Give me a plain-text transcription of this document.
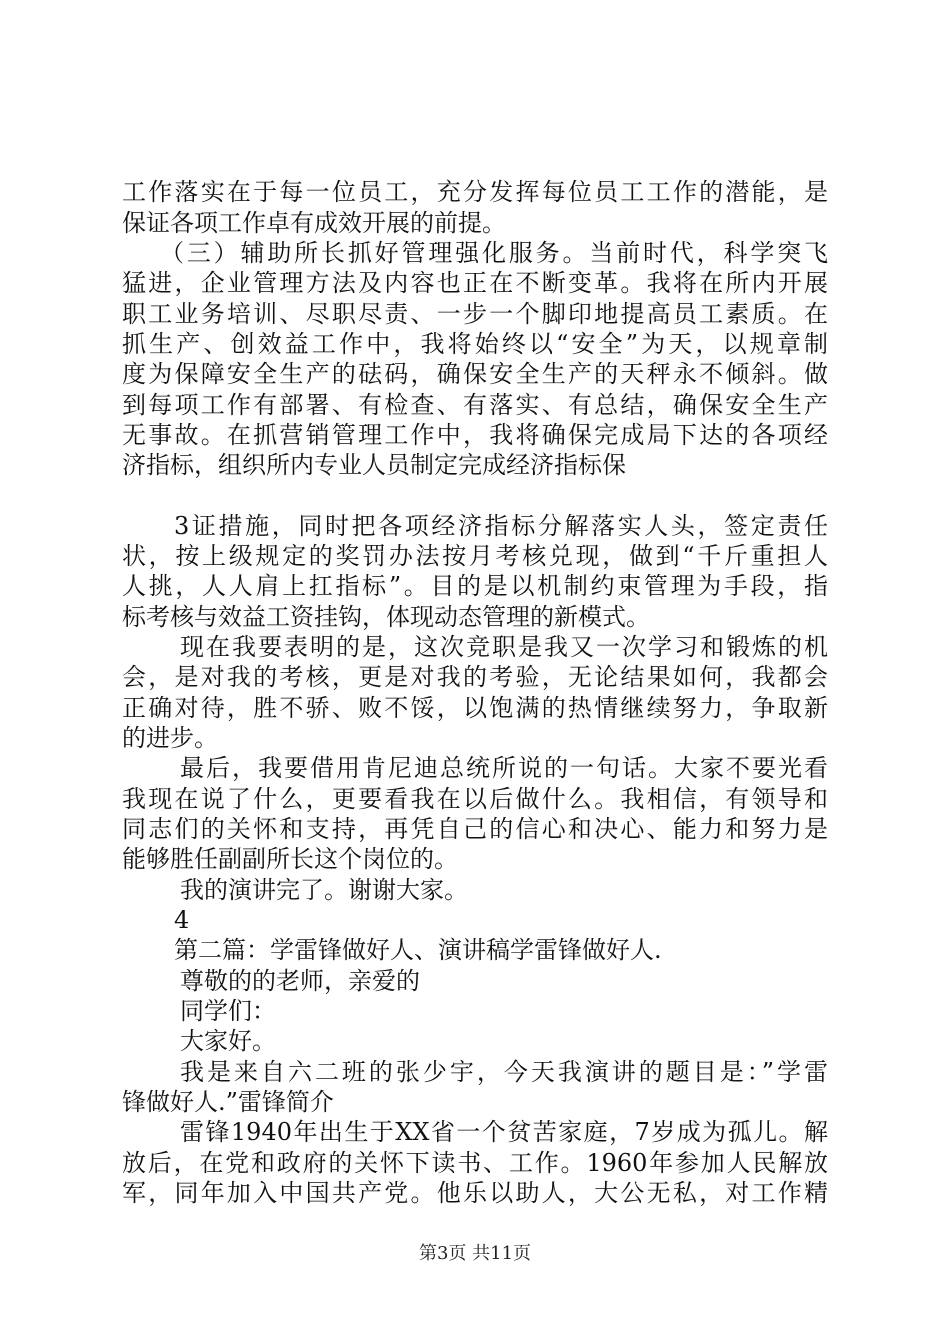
工作落实在于每一位员工，充分发挥每位员工工作的潜能，是
保证各项工作卓有成效开展的前提。
（三）辅助所长抓好管理强化服务。当前时代，科学突飞
猛进，企业管理方法及内容也正在不断变革。我将在所内开展
职工业务培训、尽职尽责、一步一个脚印地提高员工素质。在
抓生产、创效益工作中，我将始终以“安全”为天，以规章制
度为保障安全生产的砝码，确保安全生产的天秤永不倾斜。做
到每项工作有部署、有检查、有落实、有总结，确保安全生产
无事故。在抓营销管理工作中，我将确保完成局下达的各项经
济指标，组织所内专业人员制定完成经济指标保
3证措施，同时把各项经济指标分解落实人头，签定责任
状，按上级规定的奖罚办法按月考核兑现，做到“千斤重担人
人挑，人人肩上扛指标”。目的是以机制约束管理为手段，指
标考核与效益工资挂钩，体现动态管理的新模式。
现在我要表明的是，这次竞职是我又一次学习和锻炼的机
会，是对我的考核，更是对我的考验，无论结果如何，我都会
正确对待，胜不骄、败不馁，以饱满的热情继续努力，争取新
的进步。
最后，我要借用肯尼迪总统所说的一句话。大家不要光看
我现在说了什么，更要看我在以后做什么。我相信，有领导和
同志们的关怀和支持，再凭自己的信心和决心、能力和努力是
能够胜任副副所长这个岗位的。
我的演讲完了。谢谢大家。
4
第二篇：学雷锋做好人、演讲稿学雷锋做好人.
尊敬的的老师，亲爱的
同学们：
大家好。
我是来自六二班的张少宇，今天我演讲的题目是：”学雷
锋做好人.”雷锋简介
雷锋1940年出生于XX省一个贫苦家庭，7岁成为孤儿。解
放后，在党和政府的关怀下读书、工作。1960年参加人民解放
军，同年加入中国共产党。他乐以助人，大公无私，对工作精
第3页 共11页
